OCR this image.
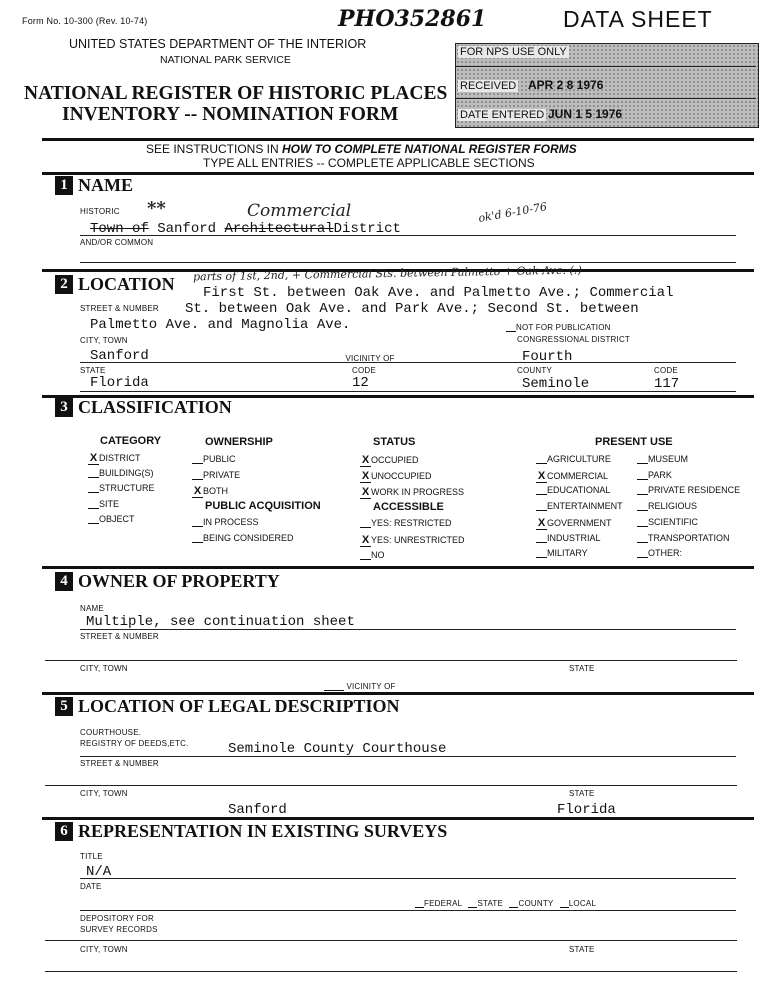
Form No. 10-300 (Rev. 10-74)	PHO352861	DATA SHEET
UNITED STATES DEPARTMENT OF THE INTERIOR
NATIONAL PARK SERVICE
NATIONAL REGISTER OF HISTORIC PLACES
INVENTORY -- NOMINATION FORM
FOR NPS USE ONLY
RECEIVED APR 2 8 1976
DATE ENTERED JUN 1 5 1976
SEE INSTRUCTIONS IN HOW TO COMPLETE NATIONAL REGISTER FORMS
TYPE ALL ENTRIES -- COMPLETE APPLICABLE SECTIONS
1 NAME
HISTORIC **	Commercial
Town of Sanford ArchitecturalDistrict
ok'd 6-10-76
AND/OR COMMON
2 LOCATION
parts of 1st, 2nd, + Commercial Sts. between Palmetto + Oak Ave. (:)
First St. between Oak Ave. and Palmetto Ave.; Commercial
STREET & NUMBER St. between Oak Ave. and Park Ave.; Second St. between
Palmetto Ave. and Magnolia Ave.	NOT FOR PUBLICATION
CITY, TOWN	CONGRESSIONAL DISTRICT
Sanford	VICINITY OF	Fourth
STATE	CODE	COUNTY	CODE
Florida	12	Seminole	117
3 CLASSIFICATION
CATEGORY	OWNERSHIP	STATUS	PRESENT USE
PUBLIC ACQUISITION	ACCESSIBLE
X DISTRICT
BUILDING(S)
STRUCTURE
SITE
OBJECT
PUBLIC
PRIVATE
X BOTH
IN PROCESS
BEING CONSIDERED
X OCCUPIED
X UNOCCUPIED
X WORK IN PROGRESS
YES: RESTRICTED
X YES: UNRESTRICTED
NO
AGRICULTURE
X COMMERCIAL
EDUCATIONAL
ENTERTAINMENT
X GOVERNMENT
INDUSTRIAL
MILITARY
MUSEUM
PARK
PRIVATE RESIDENCE
RELIGIOUS
SCIENTIFIC
TRANSPORTATION
OTHER:
4 OWNER OF PROPERTY
NAME
Multiple, see continuation sheet
STREET & NUMBER
CITY, TOWN	STATE
VICINITY OF
5 LOCATION OF LEGAL DESCRIPTION
COURTHOUSE.
REGISTRY OF DEEDS,ETC.	Seminole County Courthouse
STREET & NUMBER
CITY, TOWN	STATE
Sanford	Florida
6 REPRESENTATION IN EXISTING SURVEYS
TITLE
N/A
DATE
FEDERAL STATE COUNTY LOCAL
DEPOSITORY FOR
SURVEY RECORDS
CITY, TOWN	STATE
